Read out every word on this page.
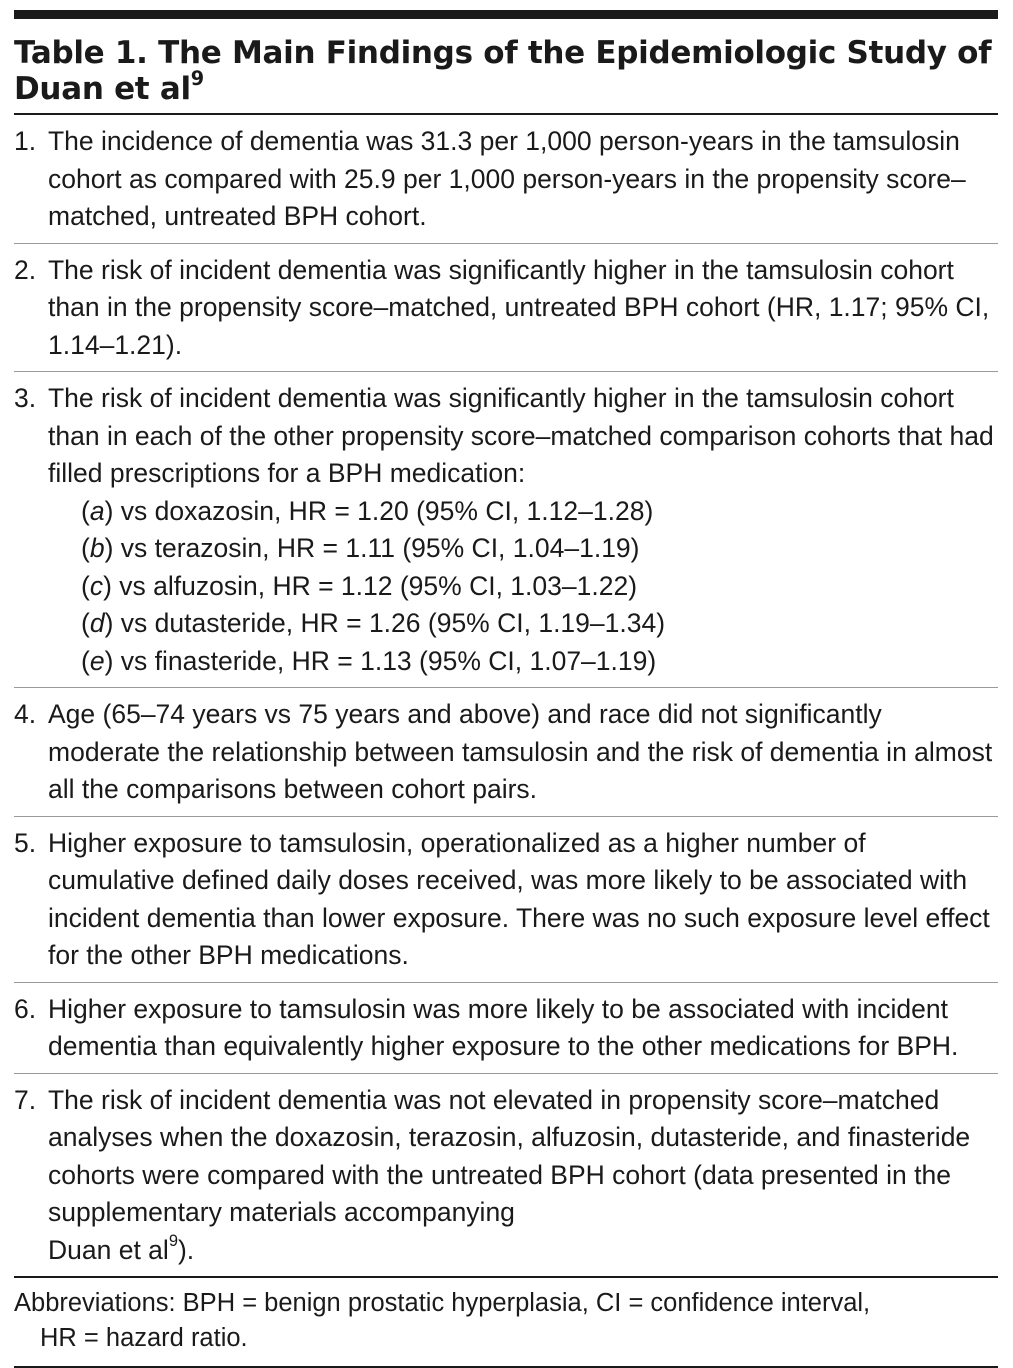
Table 1. The Main Findings of the Epidemiologic Study of
Duan et $al^9$
1. The incidence of dementia was 31.3 per 1,000 person-years in the tamsulosin cohort as compared with 25.9 per 1,000 person-years in the propensity score–matched, untreated BPH cohort.
2. The risk of incident dementia was significantly higher in the tamsulosin cohort than in the propensity score–matched, untreated BPH cohort (HR, 1.17; 95% CI, 1.14–1.21).
3. The risk of incident dementia was significantly higher in the tamsulosin cohort than in each of the other propensity score–matched comparison cohorts that had filled prescriptions for a BPH medication:
(a) vs doxazosin, HR = 1.20 (95% CI, 1.12–1.28)
(b) vs terazosin, HR = 1.11 (95% CI, 1.04–1.19)
(c) vs alfuzosin, HR = 1.12 (95% CI, 1.03–1.22)
(d) vs dutasteride, HR = 1.26 (95% CI, 1.19–1.34)
(e) vs finasteride, HR = 1.13 (95% CI, 1.07–1.19)
4. Age (65–74 years vs 75 years and above) and race did not significantly moderate the relationship between tamsulosin and the risk of dementia in almost all the comparisons between cohort pairs.
5. Higher exposure to tamsulosin, operationalized as a higher number of cumulative defined daily doses received, was more likely to be associated with incident dementia than lower exposure. There was no such exposure level effect for the other BPH medications.
6. Higher exposure to tamsulosin was more likely to be associated with incident dementia than equivalently higher exposure to the other medications for BPH.
7. The risk of incident dementia was not elevated in propensity score–matched analyses when the doxazosin, terazosin, alfuzosin, dutasteride, and finasteride cohorts were compared with the untreated BPH cohort (data presented in the supplementary materials accompanying
Duan et $al^9$).
Abbreviations: BPH = benign prostatic hyperplasia, CI = confidence interval,
HR = hazard ratio.
